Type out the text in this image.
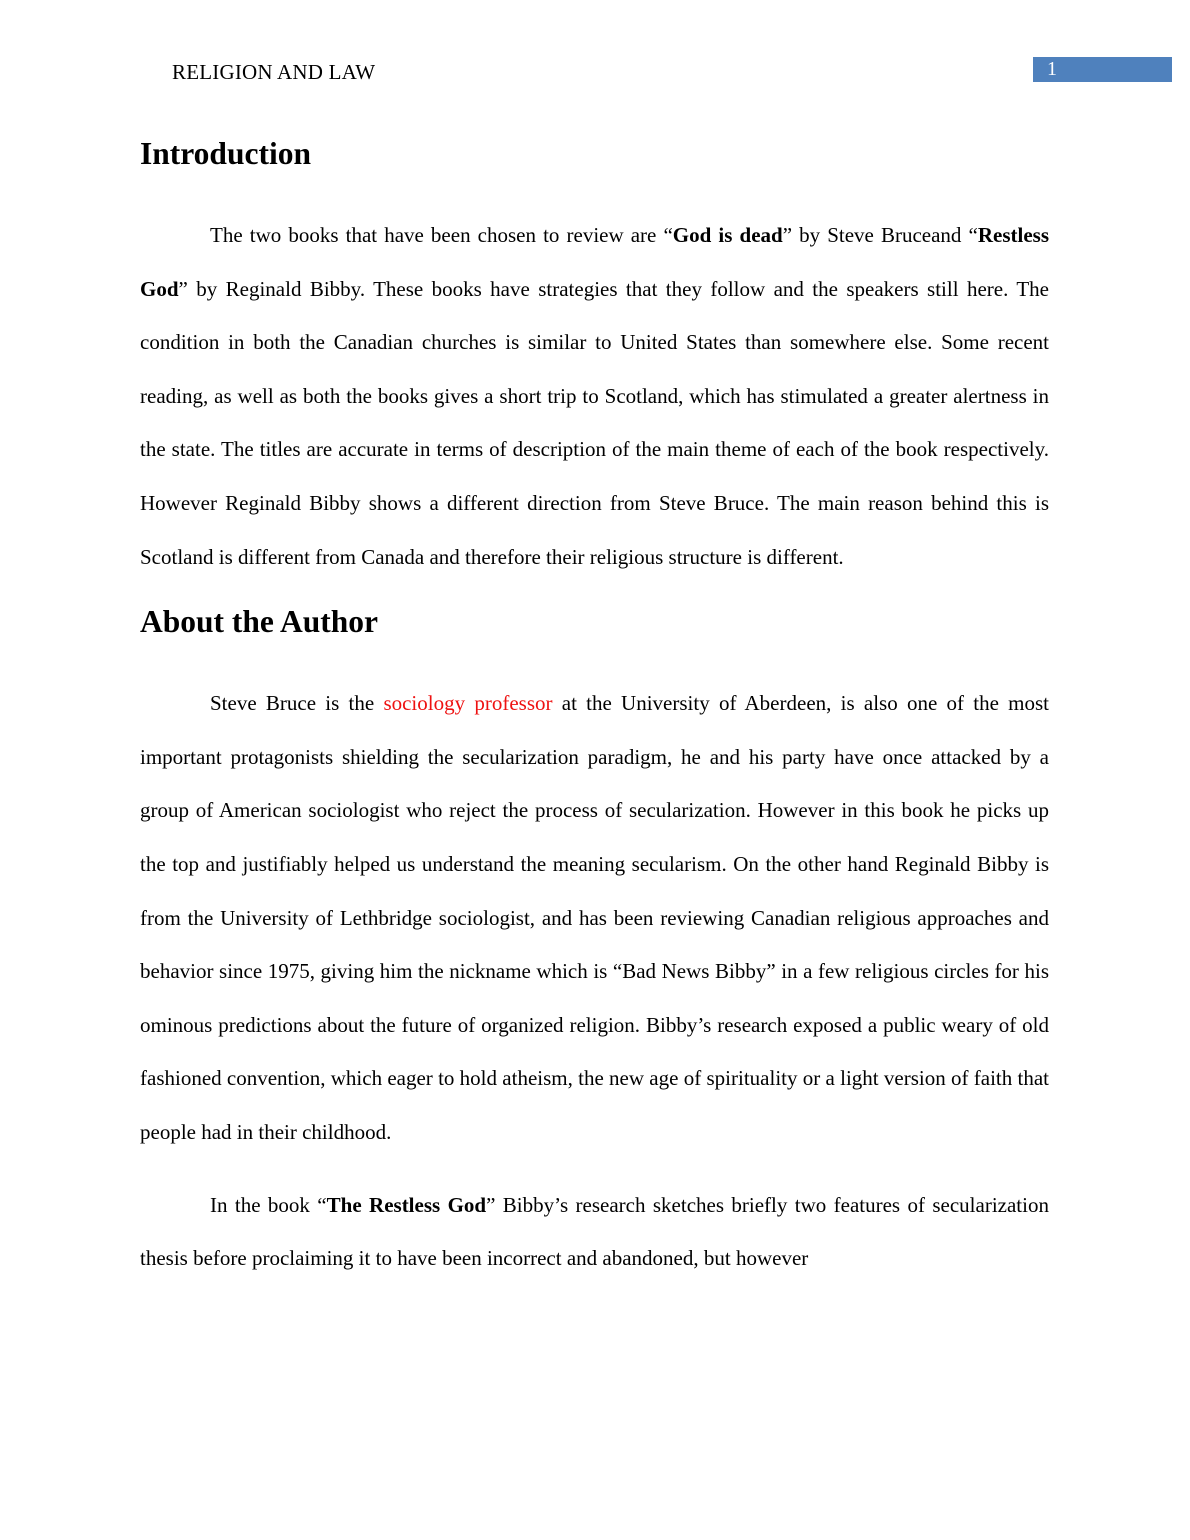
RELIGION AND LAW	1
Introduction

The two books that have been chosen to review are “God is dead” by Steve Bruceand “Restless God” by Reginald Bibby. These books have strategies that they follow and the speakers still here. The condition in both the Canadian churches is similar to United States than somewhere else. Some recent reading, as well as both the books gives a short trip to Scotland, which has stimulated a greater alertness in the state. The titles are accurate in terms of description of the main theme of each of the book respectively. However Reginald Bibby shows a different direction from Steve Bruce. The main reason behind this is Scotland is different from Canada and therefore their religious structure is different.

About the Author

Steve Bruce is the sociology professor at the University of Aberdeen, is also one of the most important protagonists shielding the secularization paradigm, he and his party have once attacked by a group of American sociologist who reject the process of secularization. However in this book he picks up the top and justifiably helped us understand the meaning secularism. On the other hand Reginald Bibby is from the University of Lethbridge sociologist, and has been reviewing Canadian religious approaches and behavior since 1975, giving him the nickname which is “Bad News Bibby” in a few religious circles for his ominous predictions about the future of organized religion. Bibby’s research exposed a public weary of old fashioned convention, which eager to hold atheism, the new age of spirituality or a light version of faith that people had in their childhood.

In the book “The Restless God” Bibby’s research sketches briefly two features of secularization thesis before proclaiming it to have been incorrect and abandoned, but however
